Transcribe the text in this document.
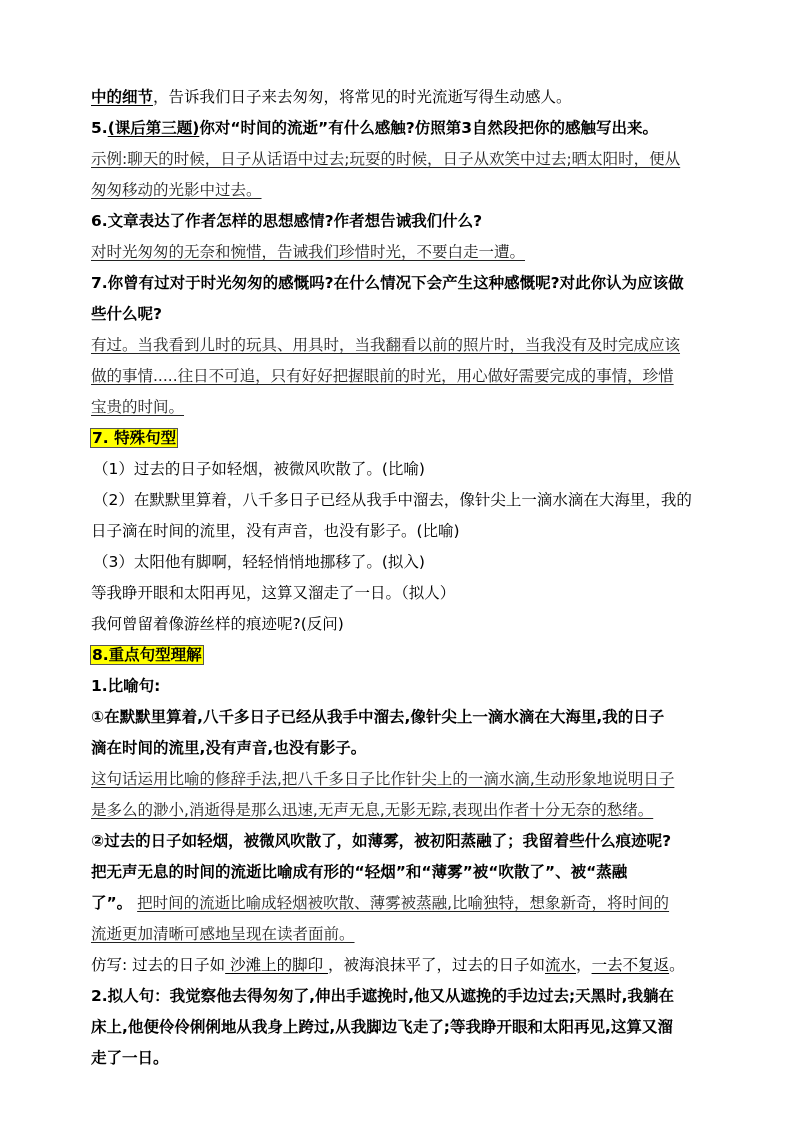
中的细节，告诉我们日子来去匆匆，将常见的时光流逝写得生动感人。
5.(课后第三题)你对“时间的流逝”有什么感触?仿照第3自然段把你的感触写出来。
示例:聊天的时候，日子从话语中过去;玩耍的时候，日子从欢笑中过去;晒太阳时，便从
匆匆移动的光影中过去。
6.文章表达了作者怎样的思想感情?作者想告诫我们什么?
对时光匆匆的无奈和惋惜，告诫我们珍惜时光，不要白走一遭。
7.你曾有过对于时光匆匆的感慨吗?在什么情况下会产生这种感慨呢?对此你认为应该做
些什么呢?
有过。当我看到儿时的玩具、用具时，当我翻看以前的照片时，当我没有及时完成应该
做的事情.....往日不可追，只有好好把握眼前的时光，用心做好需要完成的事情，珍惜
宝贵的时间。
7. 特殊句型
（1）过去的日子如轻烟，被微风吹散了。(比喻)
（2）在默默里算着，八千多日子已经从我手中溜去，像针尖上一滴水滴在大海里，我的
日子滴在时间的流里，没有声音，也没有影子。(比喻)
（3）太阳他有脚啊，轻轻悄悄地挪移了。(拟入)
等我睁开眼和太阳再见，这算又溜走了一日。（拟人）
我何曾留着像游丝样的痕迹呢?(反问)
8.重点句型理解
1.比喻句:
①在默默里算着,八千多日子已经从我手中溜去,像针尖上一滴水滴在大海里,我的日子
滴在时间的流里,没有声音,也没有影子。
这句话运用比喻的修辞手法,把八千多日子比作针尖上的一滴水滴,生动形象地说明日子
是多么的渺小,消逝得是那么迅速,无声无息,无影无踪,表现出作者十分无奈的愁绪。
②过去的日子如轻烟，被微风吹散了，如薄雾，被初阳蒸融了；我留着些什么痕迹呢?
把无声无息的时间的流逝比喻成有形的“轻烟”和“薄雾”被“吹散了”、被“蒸融
了”。 把时间的流逝比喻成轻烟被吹散、薄雾被蒸融,比喻独特，想象新奇，将时间的
流逝更加清晰可感地呈现在读者面前。
仿写: 过去的日子如 沙滩上的脚印 ，被海浪抹平了，过去的日子如流水，一去不复返。
2.拟人句：我觉察他去得匆匆了,伸出手遮挽时,他又从遮挽的手边过去;天黑时,我躺在
床上,他便伶伶俐俐地从我身上跨过,从我脚边飞走了;等我睁开眼和太阳再见,这算又溜
走了一日。
